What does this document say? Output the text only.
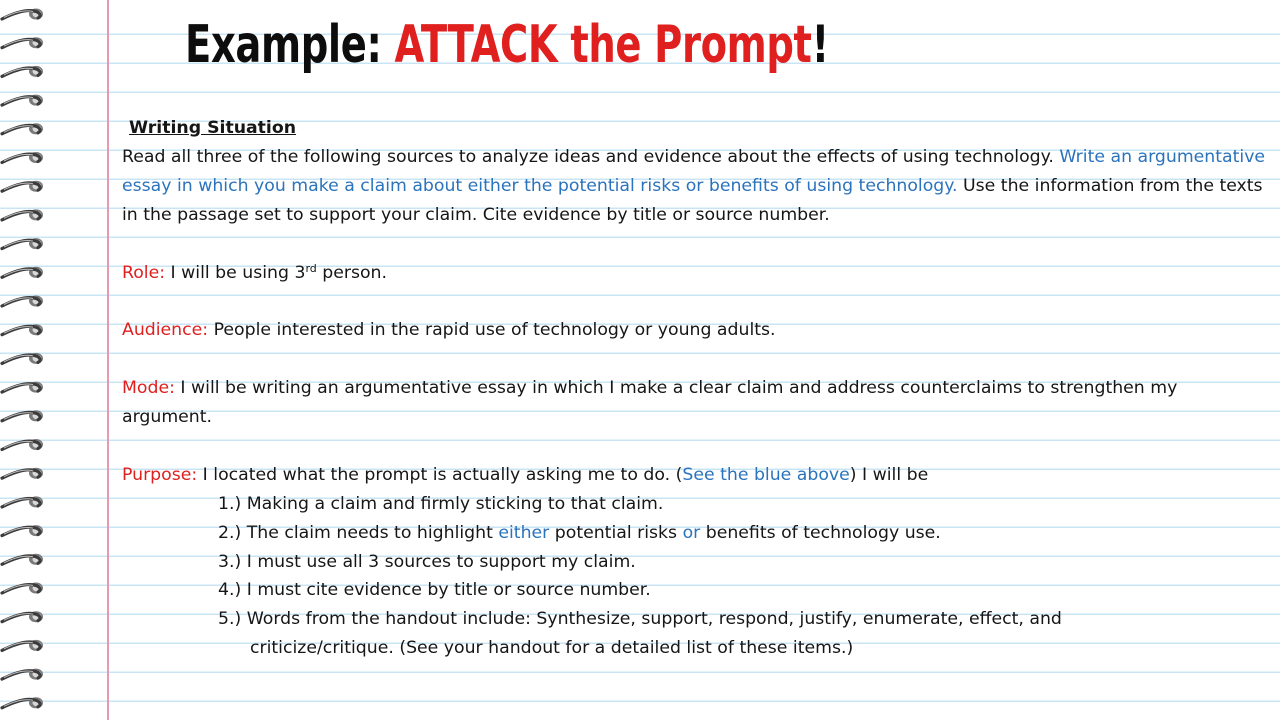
Example: ATTACK the Prompt!

Writing Situation

Read all three of the following sources to analyze ideas and evidence about the effects of using technology. Write an argumentative essay in which you make a claim about either the potential risks or benefits of using technology. Use the information from the texts in the passage set to support your claim. Cite evidence by title or source number.

Role: I will be using 3rd person.

Audience: People interested in the rapid use of technology or young adults.

Mode: I will be writing an argumentative essay in which I make a clear claim and address counterclaims to strengthen my argument.

Purpose: I located what the prompt is actually asking me to do. (See the blue above) I will be

1.) Making a claim and firmly sticking to that claim.

2.) The claim needs to highlight either potential risks or benefits of technology use.

3.) I must use all 3 sources to support my claim.

4.) I must cite evidence by title or source number.

5.) Words from the handout include: Synthesize, support, respond, justify, enumerate, effect, and

criticize/critique. (See your handout for a detailed list of these items.)
